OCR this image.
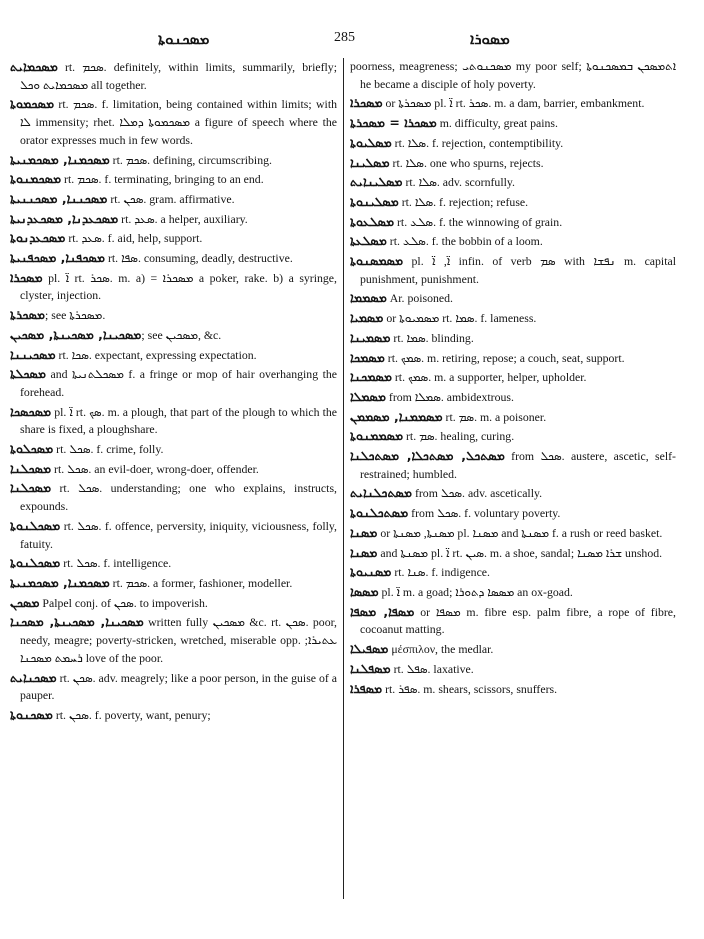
ܡܣܟܢܘܬܐ	285	ܡܣܘܪܐ
ܡܣܟܡܐܝܬ rt. ܣܟܡ. definitely, within limits, summarily, briefly; ܡܣܟܡܐܝܬ ܘܟܠ all together.
ܡܣܟܡܘܬܐ rt. ܣܟܡ. f. limitation, being contained within limits; with ܠܐ immensity; rhet. ܡܣܟܡܘܬܐ ܕܡܠܐ a figure of speech where the orator expresses much in few words.
ܡܣܟܡܢܐ, ܡܣܟܡܢܝܬܐ rt. ܣܟܡ. defining, circumscribing.
ܡܣܟܡܢܘܬܐ rt. ܣܟܡ. f. terminating, bringing to an end.
ܡܣܟܢܢܐ, ܡܣܟܢܢܝܬܐ rt. ܣܟܢ. gram. affirmative.
ܡܣܟܥܕܢܐ, ܡܣܟܥܕܢܝܬܐ rt. ܣܥܕ. a helper, auxiliary.
ܡܣܟܥܕܢܘܬܐ rt. ܣܥܕ. f. aid, help, support.
ܡܣܟܦܢܐ, ܡܣܟܦܢܝܬܐ rt. ܣܦܐ. consuming, deadly, destructive.
ܡܣܟܪܐ pl. ܐ̈ rt. ܣܟܪ. m. a) = ܡܣܟܪܐ a poker, rake. b) a syringe, clyster, injection.
ܡܣܟܪܬܐ; see ܡܣܟܪܬܐ.
ܡܣܟܝܢܐ, ܡܣܟܝܢܬܐ, ܡܣܟܝܢ; see ܡܣܟܝܢ, &c.
ܡܣܟܝܢܢܐ rt. ܣܟܐ. expectant, expressing expectation.
ܡܣܟܠܬܐ and ܡܣܟܠܬܢܝܬܐ f. a fringe or mop of hair overhanging the forehead.
ܡܣܟܣܟܐ pl. ܐ̈ rt. ܣܟ. m. a plough, that part of the plough to which the share is fixed, a ploughshare.
ܡܣܟܠܘܬܐ rt. ܣܟܠ. f. crime, folly.
ܡܣܟܠܢܐ rt. ܣܟܠ. an evil-doer, wrong-doer, offender.
ܡܣܟܠܢܐ rt. ܣܟܠ. understanding; one who explains, instructs, expounds.
ܡܣܟܠܢܘܬܐ rt. ܣܟܠ. f. offence, perversity, iniquity, viciousness, folly, fatuity.
ܡܣܟܠܢܘܬܐ rt. ܣܟܠ. f. intelligence.
ܡܣܟܡܢܐ, ܡܣܟܡܢܝܬܐ rt. ܣܟܡ. a former, fashioner, modeller.
ܡܣܟܢ Palpel conj. of ܣܟܢ. to impoverish.
ܡܣܟܝܢܐ, ܡܣܟܝܢܬܐ, ܡܣܟܢܐ written fully ܡܣܟܝܢ &c. rt. ܣܟܢ. poor, needy, meagre; poverty-stricken, wretched, miserable opp. ܥܬܝܪܐ; ܪܚܡܬ ܡܣܟܢܐ love of the poor.
ܡܣܟܢܐܝܬ rt. ܣܟܢ. adv. meagrely; like a poor person, in the guise of a pauper.
ܡܣܟܢܘܬܐ rt. ܣܟܢ. f. poverty, want, penury;
poorness, meagreness; ܡܣܟܢܘܬܝ my poor self; ܐܬܡܣܟܢ ܒܡܣܟܢܘܬܐ he became a disciple of holy poverty.
ܡܣܟܪܐ or ܡܣܟܪܬܐ pl. ܐ̈ rt. ܣܟܪ. m. a dam, barrier, embankment.
ܡܣܟܪܐ = ܡܣܟܪܬܐ m. difficulty, great pains.
ܡܣܠܝܘܬܐ rt. ܣܠܐ. f. rejection, contemptibility.
ܡܣܠܝܢܐ rt. ܣܠܐ. one who spurns, rejects.
ܡܣܠܝܢܐܝܬ rt. ܣܠܐ. adv. scornfully.
ܡܣܠܝܢܘܬܐ rt. ܣܠܐ. f. rejection; refuse.
ܡܣܠܥܘܬܐ rt. ܣܠܥ. f. the winnowing of grain.
ܡܣܠܥܬܐ rt. ܣܠܥ. f. the bobbin of a loom.
ܡܣܡܣܢܘܬܐ pl. ܐ̈, ܐ̈ infin. of verb ܣܡ with ܢܦܫܐ m. capital punishment, punishment.
ܡܣܡܡܐ Ar. poisoned.
ܡܣܡܝܐ or ܡܣܡܝܘܬܐ rt. ܣܡܐ. f. lameness.
ܡܣܡܝܢܐ rt. ܣܡܐ. blinding.
ܡܣܡܟܐ rt. ܣܡܟ. m. retiring, repose; a couch, seat, support.
ܡܣܡܟܢܐ rt. ܣܡܟ. m. a supporter, helper, upholder.
ܡܣܡܠܐ from ܣܡܠܐ. ambidextrous.
ܡܣܡܡܢܐ, ܡܣܡܡܢ rt. ܣܡ. m. a poisoner.
ܡܣܡܡܢܘܬܐ rt. ܣܡ. healing, curing.
ܡܣܬܟܠ, ܡܣܬܟܠܐ, ܡܣܬܟܠܢܐ from ܣܟܠ. austere, ascetic, self-restrained; humbled.
ܡܣܬܟܠܢܐܝܬ from ܣܟܠ. adv. ascetically.
ܡܣܬܟܠܢܘܬܐ from ܣܟܠ. f. voluntary poverty.
ܡܣܢܐ or ܡܣܢܬܐ, ܡܣܢܬܐ pl. ܡܣܢܐ and ܡܣܢܬܐ f. a rush or reed basket.
ܡܣܢܐ and ܡܣܢܬܐ pl. ܐ̈ rt. ܣܝܢ. m. a shoe, sandal; ܫܪܐ ܡܣܢܐ unshod.
ܡܣܢܝܘܬܐ rt. ܣܢܐ. f. indigence.
ܡܣܣܐ pl. ܐ̈ m. a goad; ܡܣܣܐ ܕܬܘܪܐ an ox-goad.
ܡܣܦܐ, ܡܣܦܐ or ܡܣܦܐ m. fibre esp. palm fibre, a rope of fibre, cocoanut matting.
ܡܣܦܝܠܐ μέσπιλον, the medlar.
ܡܣܦܠܢܐ rt. ܣܦܠ. laxative.
ܡܣܦܪܐ rt. ܣܦܪ. m. shears, scissors, snuffers.
